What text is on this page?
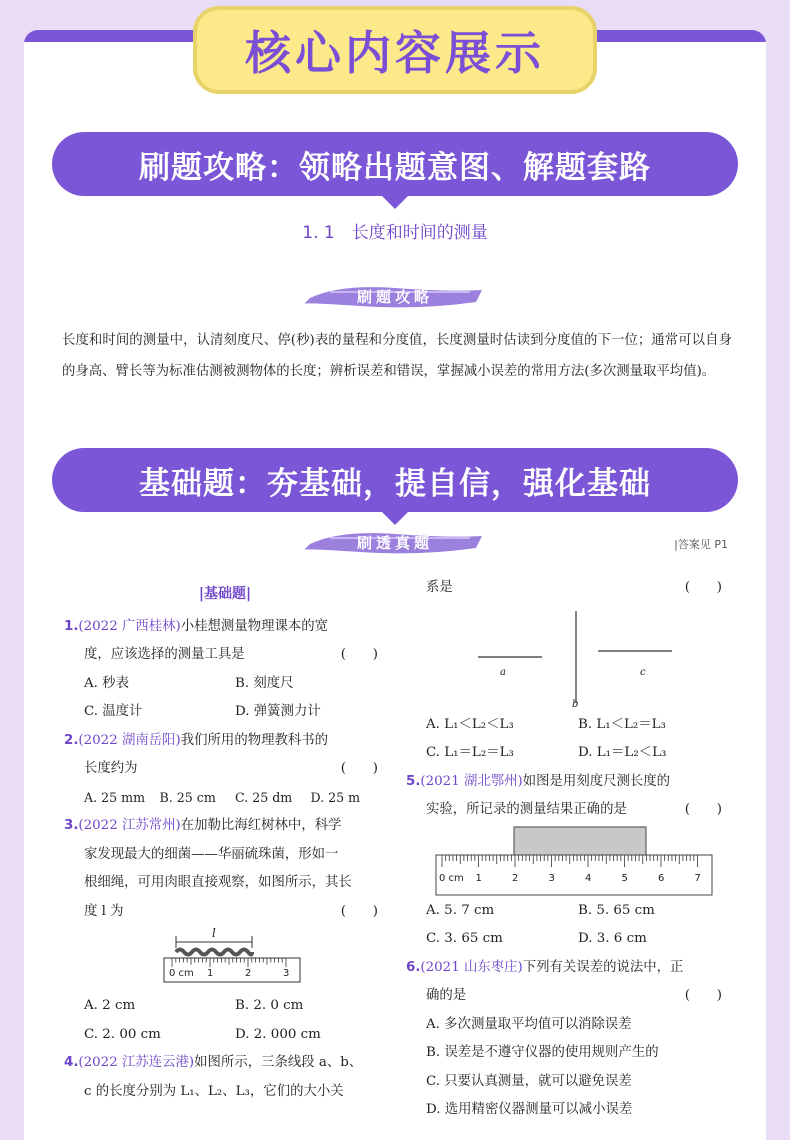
核心内容展示
刷题攻略：领略出题意图、解题套路
1. 1　长度和时间的测量
刷题攻略
长度和时间的测量中，认清刻度尺、停(秒)表的量程和分度值，长度测量时估读到分度值的下一位；通常可以自身的身高、臂长等为标准估测被测物体的长度；辨析误差和错误，掌握减小误差的常用方法(多次测量取平均值)。
基础题：夯基础，提自信，强化基础
刷透真题	|答案见 P1
|基础题|
1.(2022 广西桂林)小桂想测量物理课本的宽
度，应该选择的测量工具是	(　　)
A. 秒表	B. 刻度尺
C. 温度计	D. 弹簧测力计
2.(2022 湖南岳阳)我们所用的物理教科书的
长度约为	(　　)
A. 25 mm	B. 25 cm	C. 25 dm	D. 25 m
3.(2022 江苏常州)在加勒比海红树林中，科学
家发现最大的细菌——华丽硫珠菌，形如一
根细绳，可用肉眼直接观察，如图所示，其长
度 l 为	(　　)
0 cm 1	2	3
l
A. 2 cm	B. 2. 0 cm
C. 2. 00 cm	D. 2. 000 cm
4.(2022 江苏连云港)如图所示，三条线段 a、b、
c 的长度分别为 L₁、L₂、L₃，它们的大小关
系是	(　　)
a
b
c
A. L₁＜L₂＜L₃	B. L₁＜L₂＝L₃
C. L₁＝L₂＝L₃	D. L₁＝L₂＜L₃
5.(2021 湖北鄂州)如图是用刻度尺测长度的
实验，所记录的测量结果正确的是	(　　)
0 cm 1	2	3	4	5	6	7
A. 5. 7 cm	B. 5. 65 cm
C. 3. 65 cm	D. 3. 6 cm
6.(2021 山东枣庄)下列有关误差的说法中，正
确的是	(　　)
A. 多次测量取平均值可以消除误差
B. 误差是不遵守仪器的使用规则产生的
C. 只要认真测量，就可以避免误差
D. 选用精密仪器测量可以减小误差
